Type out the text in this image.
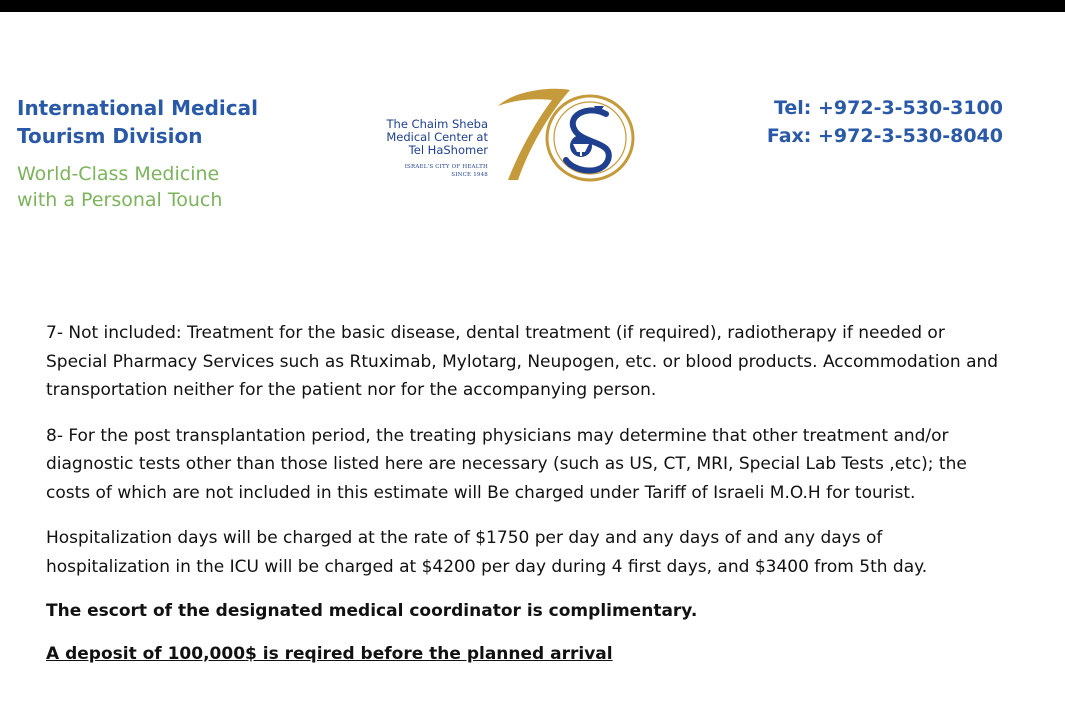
International Medical
Tourism Division
World-Class Medicine
with a Personal Touch
The Chaim Sheba
Medical Center at
Tel HaShomer
ISRAEL'S CITY OF HEALTH
SINCE 1948
Tel: +972-3-530-3100
Fax: +972-3-530-8040

7- Not included: Treatment for the basic disease, dental treatment (if required), radiotherapy if needed or Special Pharmacy Services such as Rtuximab, Mylotarg, Neupogen, etc. or blood products. Accommodation and transportation neither for the patient nor for the accompanying person.

8- For the post transplantation period, the treating physicians may determine that other treatment and/or diagnostic tests other than those listed here are necessary (such as US, CT, MRI, Special Lab Tests ,etc); the costs of which are not included in this estimate will Be charged under Tariff of Israeli M.O.H for tourist.

Hospitalization days will be charged at the rate of $1750 per day and any days of and any days of hospitalization in the ICU will be charged at $4200 per day during 4 first days, and $3400 from 5th day.

The escort of the designated medical coordinator is complimentary.

A deposit of 100,000$ is reqired before the planned arrival
